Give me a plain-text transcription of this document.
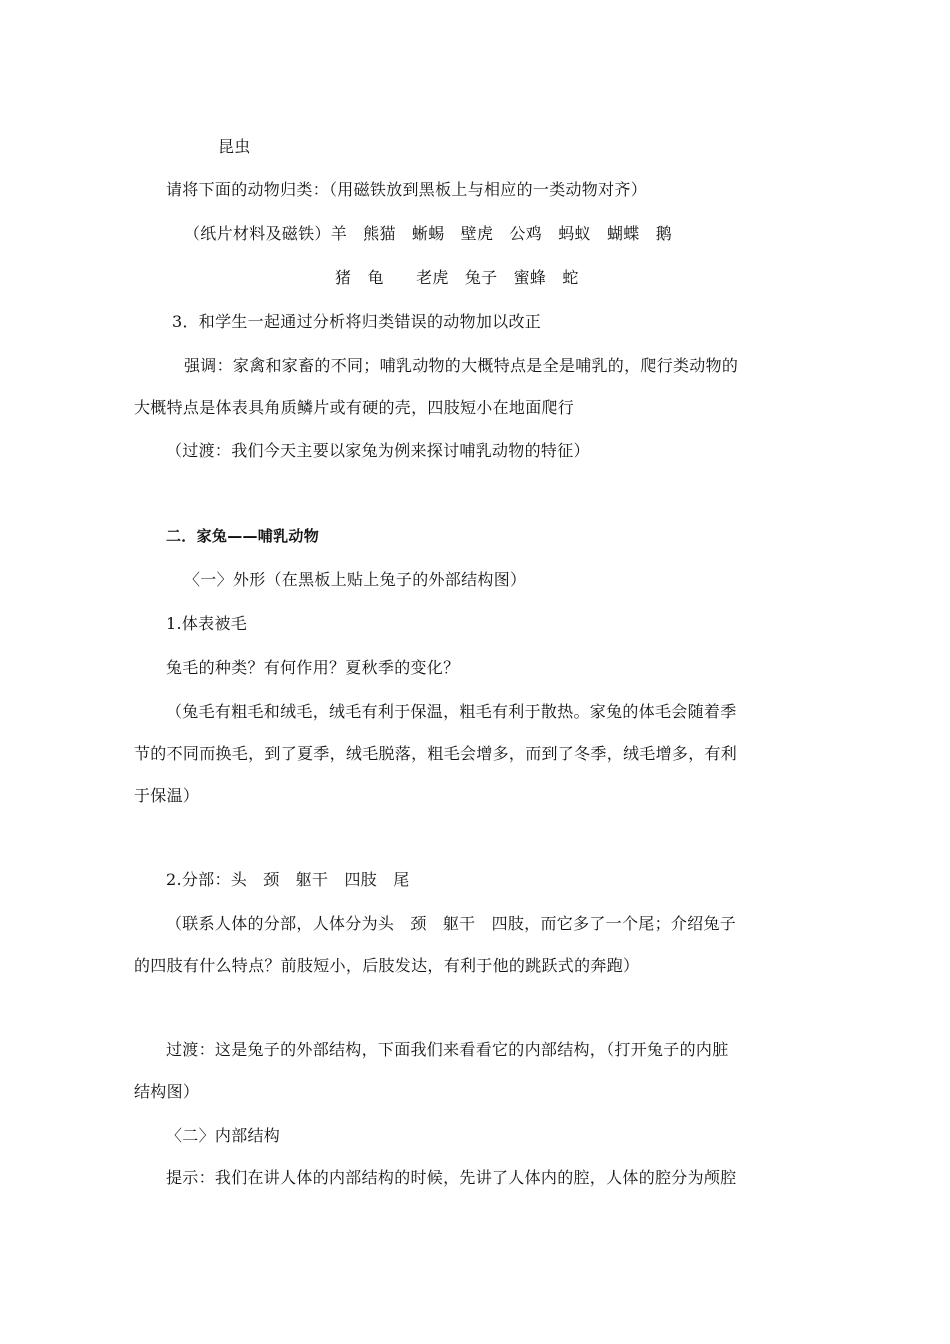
昆虫
请将下面的动物归类：（用磁铁放到黑板上与相应的一类动物对齐）
（纸片材料及磁铁）羊   熊猫   蜥蜴   壁虎   公鸡   蚂蚁   蝴蝶   鹅
猪   龟      老虎   兔子   蜜蜂   蛇
3．和学生一起通过分析将归类错误的动物加以改正
强调：家禽和家畜的不同；哺乳动物的大概特点是全是哺乳的，爬行类动物的
大概特点是体表具角质鳞片或有硬的壳，四肢短小在地面爬行
（过渡：我们今天主要以家兔为例来探讨哺乳动物的特征）
二．家兔——哺乳动物
〈一〉外形（在黑板上贴上兔子的外部结构图）
1.体表被毛
兔毛的种类？有何作用？夏秋季的变化？
（兔毛有粗毛和绒毛，绒毛有利于保温，粗毛有利于散热。家兔的体毛会随着季
节的不同而换毛，到了夏季，绒毛脱落，粗毛会增多，而到了冬季，绒毛增多，有利
于保温）
2.分部：头   颈   躯干   四肢   尾
（联系人体的分部，人体分为头   颈   躯干   四肢，而它多了一个尾；介绍兔子
的四肢有什么特点？前肢短小，后肢发达，有利于他的跳跃式的奔跑）
过渡：这是兔子的外部结构，下面我们来看看它的内部结构，（打开兔子的内脏
结构图）
〈二〉内部结构
提示：我们在讲人体的内部结构的时候，先讲了人体内的腔，人体的腔分为颅腔
